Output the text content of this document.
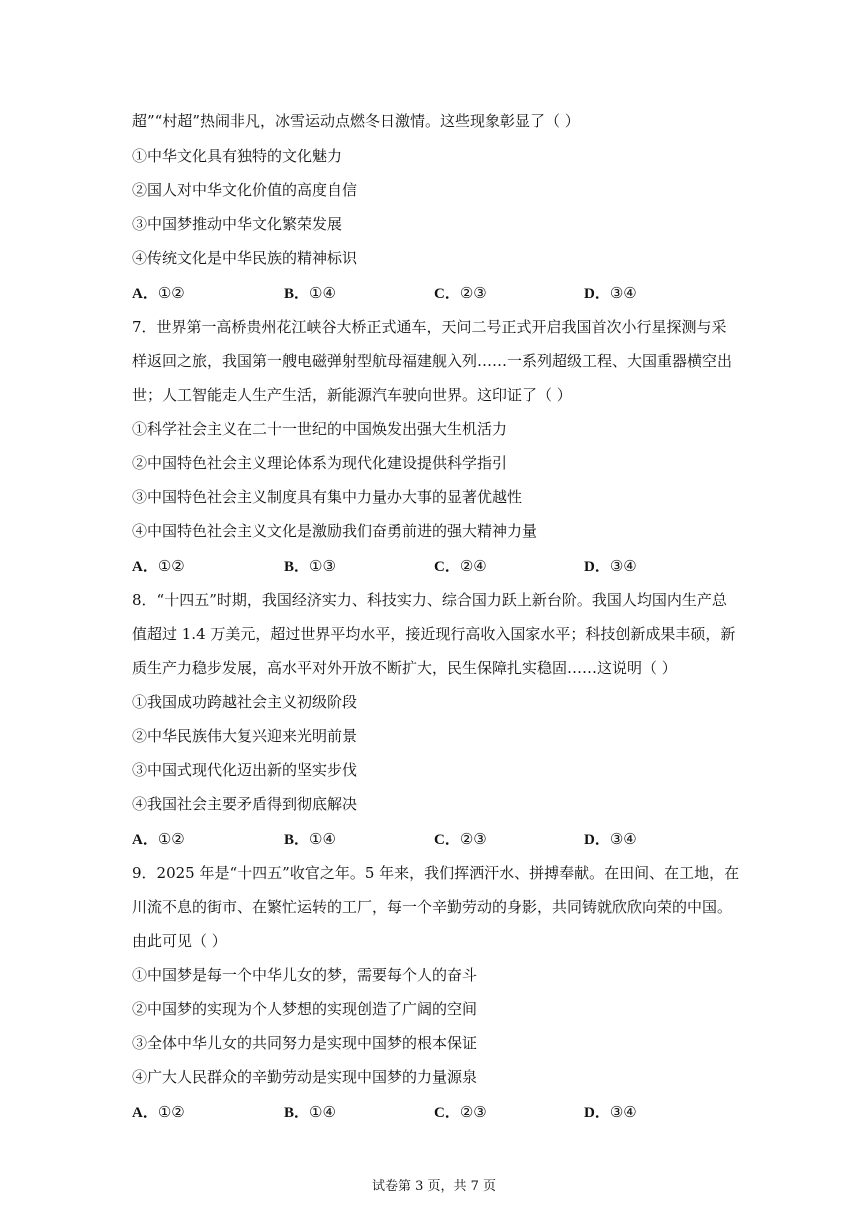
超”“村超”热闹非凡，冰雪运动点燃冬日激情。这些现象彰显了（ ）
①中华文化具有独特的文化魅力
②国人对中华文化价值的高度自信
③中国梦推动中华文化繁荣发展
④传统文化是中华民族的精神标识
A．①②	B．①④	C．②③	D．③④
7．世界第一高桥贵州花江峡谷大桥正式通车，天问二号正式开启我国首次小行星探测与采
样返回之旅，我国第一艘电磁弹射型航母福建舰入列……一系列超级工程、大国重器横空出
世；人工智能走人生产生活，新能源汽车驶向世界。这印证了（ ）
①科学社会主义在二十一世纪的中国焕发出强大生机活力
②中国特色社会主义理论体系为现代化建设提供科学指引
③中国特色社会主义制度具有集中力量办大事的显著优越性
④中国特色社会主义文化是激励我们奋勇前进的强大精神力量
A．①②	B．①③	C．②④	D．③④
8．“十四五”时期，我国经济实力、科技实力、综合国力跃上新台阶。我国人均国内生产总
值超过 1.4 万美元，超过世界平均水平，接近现行高收入国家水平；科技创新成果丰硕，新
质生产力稳步发展，高水平对外开放不断扩大，民生保障扎实稳固……这说明（ ）
①我国成功跨越社会主义初级阶段
②中华民族伟大复兴迎来光明前景
③中国式现代化迈出新的坚实步伐
④我国社会主要矛盾得到彻底解决
A．①②	B．①④	C．②③	D．③④
9．2025 年是“十四五”收官之年。5 年来，我们挥洒汗水、拼搏奉献。在田间、在工地，在
川流不息的街市、在繁忙运转的工厂，每一个辛勤劳动的身影，共同铸就欣欣向荣的中国。
由此可见（ ）
①中国梦是每一个中华儿女的梦，需要每个人的奋斗
②中国梦的实现为个人梦想的实现创造了广阔的空间
③全体中华儿女的共同努力是实现中国梦的根本保证
④广大人民群众的辛勤劳动是实现中国梦的力量源泉
A．①②	B．①④	C．②③	D．③④
试卷第 3 页，共 7 页
